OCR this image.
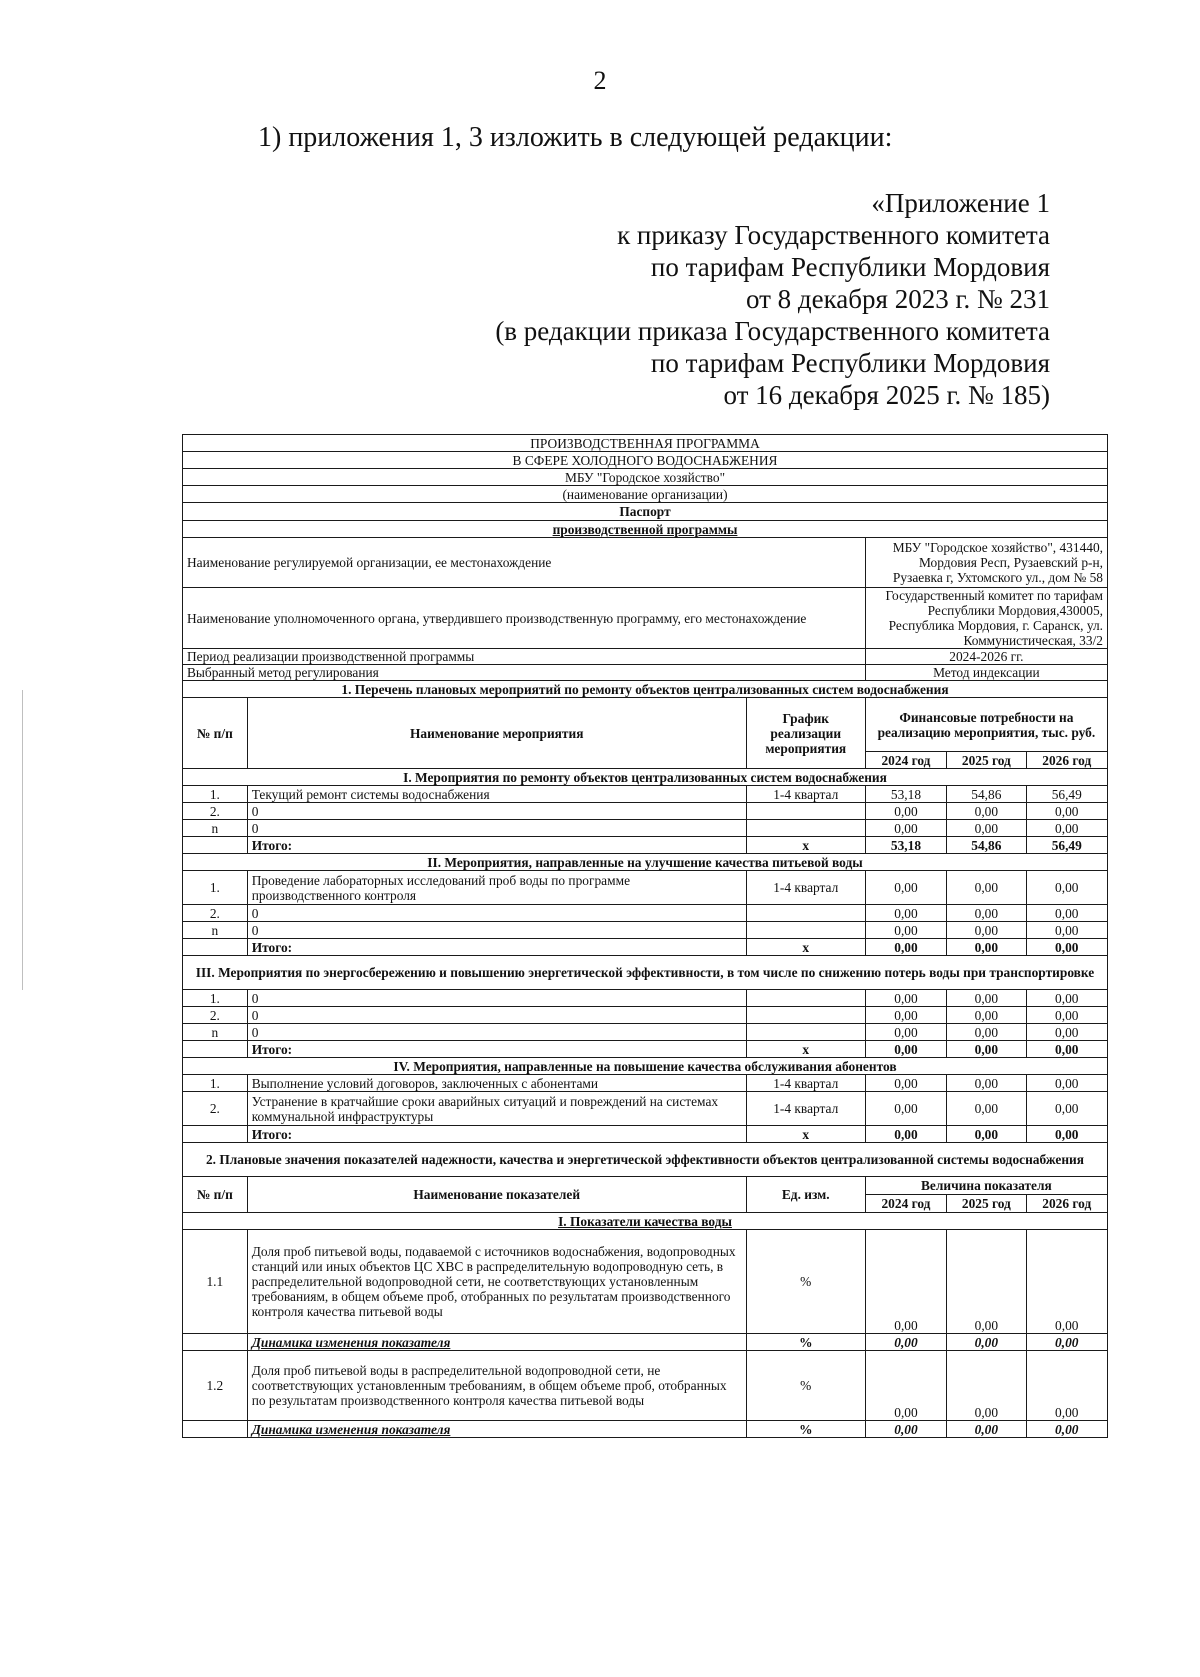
2
1) приложения 1, 3 изложить в следующей редакции:
«Приложение 1
к приказу Государственного комитета
по тарифам Республики Мордовия
от 8 декабря 2023 г. № 231
(в редакции приказа Государственного комитета
по тарифам Республики Мордовия
от 16 декабря 2025 г. № 185)
ПРОИЗВОДСТВЕННАЯ ПРОГРАММА					
В СФЕРЕ ХОЛОДНОГО ВОДОСНАБЖЕНИЯ					
МБУ "Городское хозяйство"					
(наименование организации)					
Паспорт					
производственной программы					
Наименование регулируемой организации, ее местонахождение			МБУ "Городское хозяйство", 431440, Мордовия Респ, Рузаевский р-н, Рузаевка г, Ухтомского ул., дом № 58		
Наименование уполномоченного органа, утвердившего производственную программу, его местонахождение			Государственный комитет по тарифам Республики Мордовия,430005, Республика Мордовия, г. Саранск, ул. Коммунистическая, 33/2		
Период реализации производственной программы			2024-2026 гг.		
Выбранный метод регулирования			Метод индексации		
1. Перечень плановых мероприятий по ремонту объектов централизованных систем водоснабжения					
№ п/п	Наименование мероприятия	График реализации мероприятия	Финансовые потребности на реализацию мероприятия, тыс. руб.		
			2024 год	2025 год	2026 год
I. Мероприятия по ремонту объектов централизованных систем водоснабжения					
1.	Текущий ремонт системы водоснабжения	1-4 квартал	53,18	54,86	56,49
2.	0		0,00	0,00	0,00
n	0		0,00	0,00	0,00
	Итого:	x	53,18	54,86	56,49
II. Мероприятия, направленные на улучшение качества питьевой воды					
1.	Проведение лабораторных исследований проб воды по программе производственного контроля	1-4 квартал	0,00	0,00	0,00
2.	0		0,00	0,00	0,00
n	0		0,00	0,00	0,00
	Итого:	x	0,00	0,00	0,00
III. Мероприятия по энергосбережению и повышению энергетической эффективности, в том числе по снижению потерь воды при транспортировке					
1.	0		0,00	0,00	0,00
2.	0		0,00	0,00	0,00
n	0		0,00	0,00	0,00
	Итого:	x	0,00	0,00	0,00
IV. Мероприятия, направленные на повышение качества обслуживания абонентов					
1.	Выполнение условий договоров, заключенных с абонентами	1-4 квартал	0,00	0,00	0,00
2.	Устранение в кратчайшие сроки аварийных ситуаций и повреждений на системах коммунальной инфраструктуры	1-4 квартал	0,00	0,00	0,00
	Итого:	x	0,00	0,00	0,00
2. Плановые значения показателей надежности, качества и энергетической эффективности объектов централизованной системы водоснабжения					
№ п/п	Наименование показателей	Ед. изм.	Величина показателя		
			2024 год	2025 год	2026 год
I. Показатели качества воды					
1.1	Доля проб питьевой воды, подаваемой с источников водоснабжения, водопроводных станций или иных объектов ЦС ХВС в распределительную водопроводную сеть, в распределительной водопроводной сети, не соответствующих установленным требованиям, в общем объеме проб, отобранных по результатам производственного контроля качества питьевой воды	%	0,00	0,00	0,00
	Динамика изменения показателя	%	0,00	0,00	0,00
1.2	Доля проб питьевой воды в распределительной водопроводной сети, не соответствующих установленным требованиям, в общем объеме проб, отобранных по результатам производственного контроля качества питьевой воды	%	0,00	0,00	0,00
	Динамика изменения показателя	%	0,00	0,00	0,00
